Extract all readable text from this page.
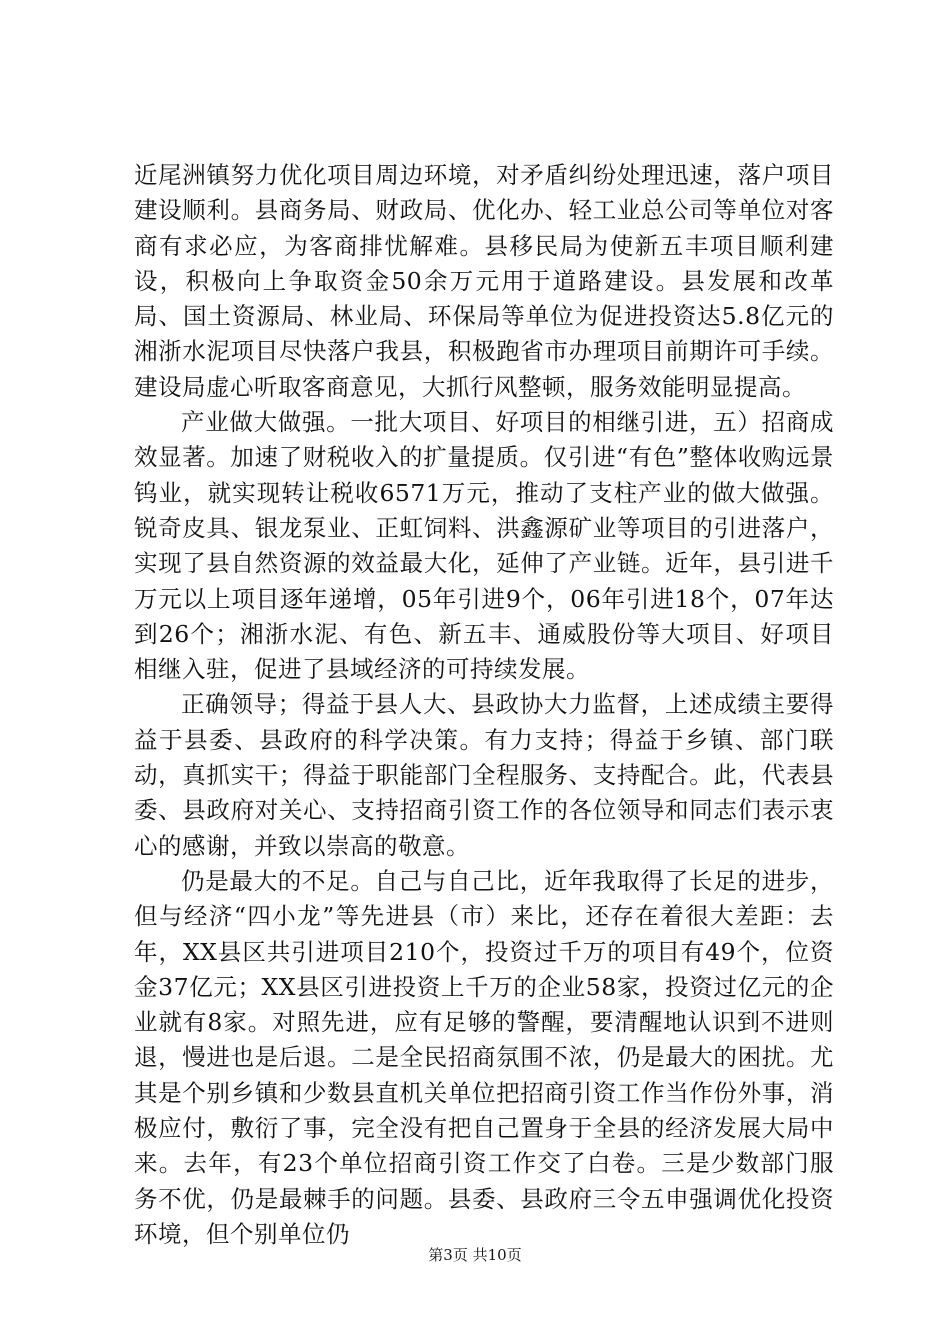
近尾洲镇努力优化项目周边环境，对矛盾纠纷处理迅速，落户项目建设顺利。县商务局、财政局、优化办、轻工业总公司等单位对客商有求必应，为客商排忧解难。县移民局为使新五丰项目顺利建设，积极向上争取资金50余万元用于道路建设。县发展和改革局、国土资源局、林业局、环保局等单位为促进投资达5.8亿元的湘浙水泥项目尽快落户我县，积极跑省市办理项目前期许可手续。建设局虚心听取客商意见，大抓行风整顿，服务效能明显提高。

产业做大做强。一批大项目、好项目的相继引进，五）招商成效显著。加速了财税收入的扩量提质。仅引进“有色”整体收购远景钨业，就实现转让税收6571万元，推动了支柱产业的做大做强。锐奇皮具、银龙泵业、正虹饲料、洪鑫源矿业等项目的引进落户，实现了县自然资源的效益最大化，延伸了产业链。近年，县引进千万元以上项目逐年递增，05年引进9个，06年引进18个，07年达到26个；湘浙水泥、有色、新五丰、通威股份等大项目、好项目相继入驻，促进了县域经济的可持续发展。

正确领导；得益于县人大、县政协大力监督，上述成绩主要得益于县委、县政府的科学决策。有力支持；得益于乡镇、部门联动，真抓实干；得益于职能部门全程服务、支持配合。此，代表县委、县政府对关心、支持招商引资工作的各位领导和同志们表示衷心的感谢，并致以崇高的敬意。

仍是最大的不足。自己与自己比，近年我取得了长足的进步，但与经济“四小龙”等先进县（市）来比，还存在着很大差距：去年，XX县区共引进项目210个，投资过千万的项目有49个，位资金37亿元；XX县区引进投资上千万的企业58家，投资过亿元的企业就有8家。对照先进，应有足够的警醒，要清醒地认识到不进则退，慢进也是后退。二是全民招商氛围不浓，仍是最大的困扰。尤其是个别乡镇和少数县直机关单位把招商引资工作当作份外事，消极应付，敷衍了事，完全没有把自己置身于全县的经济发展大局中来。去年，有23个单位招商引资工作交了白卷。三是少数部门服务不优，仍是最棘手的问题。县委、县政府三令五申强调优化投资环境，但个别单位仍

第3页 共10页
